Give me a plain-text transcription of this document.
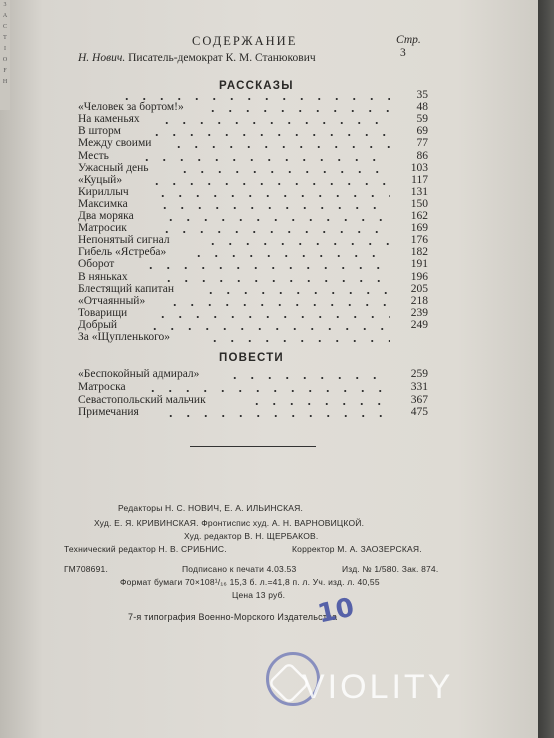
3
A
C
T
I
O
F
H
СОДЕРЖАНИЕ	Стр.
Н. Нович. Писатель-демократ К. М. Станюкович	3
РАССКАЗЫ
35
«Человек за бортом!»	48
На каменьях	59
В шторм	69
Между своими	77
Месть	86
Ужасный день	103
«Куцый»	117
Кириллыч	131
Максимка	150
Два моряка	162
Матросик	169
Непонятый сигнал	176
Гибель «Ястреба»	182
Оборот	191
В няньках	196
Блестящий капитан	205
«Отчаянный»	218
Товарищи	239
Добрый	249
За «Щупленького»
ПОВЕСТИ
«Беспокойный адмирал»	259
Матроска	331
Севастопольский мальчик	367
Примечания	475
Редакторы Н. С. НОВИЧ, Е. А. ИЛЬИНСКАЯ.
Худ. Е. Я. КРИВИНСКАЯ. Фронтиспис худ. А. Н. ВАРНОВИЦКОЙ.
Худ. редактор В. Н. ЩЕРБАКОВ.
Технический редактор Н. В. СРИБНИС.	Корректор М. А. ЗАОЗЕРСКАЯ.
ГМ708691.	Подписано к печати 4.03.53	Изд. № 1/580. Зак. 874.
Формат бумаги 70×108¹/₁₆ 15,3 б. л.=41,8 п. л. Уч. изд. л. 40,55
Цена 13 руб.
7-я типография Военно-Морского Издательства
10
VIOLITY
